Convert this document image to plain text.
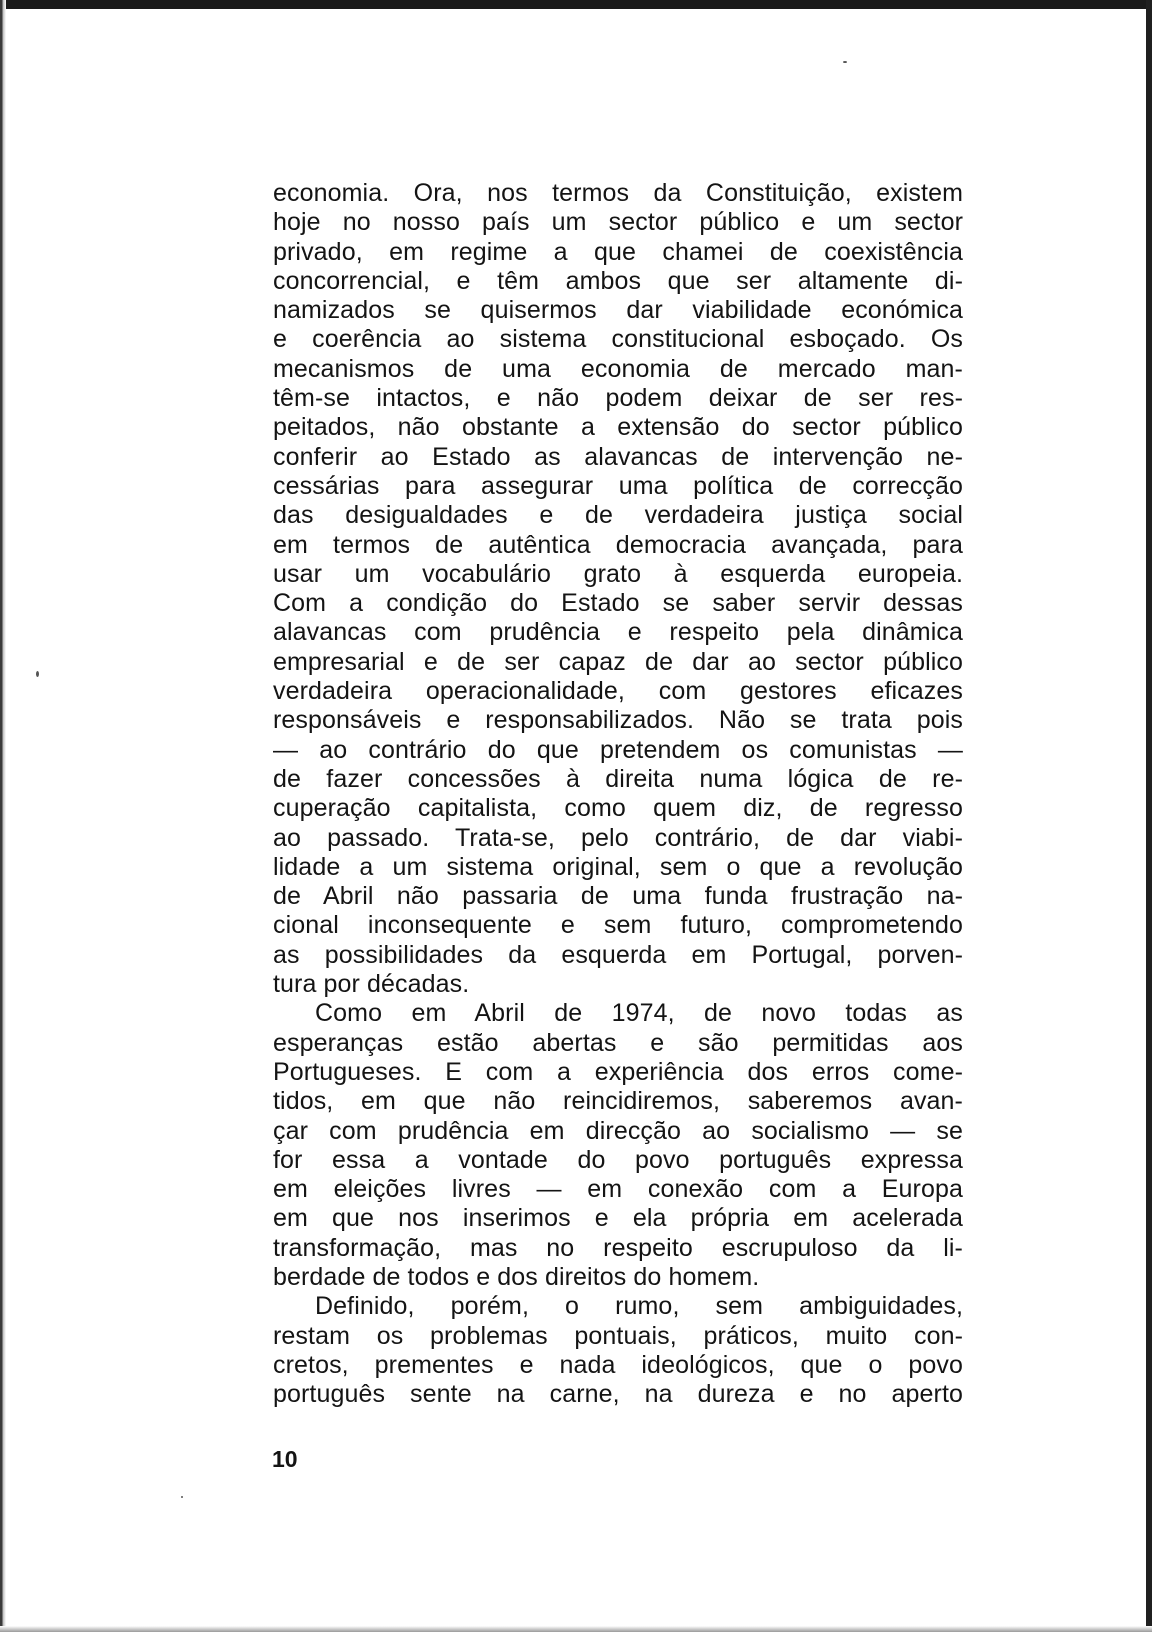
economia. Ora, nos termos da Constituição, existem
hoje no nosso país um sector público e um sector
privado, em regime a que chamei de coexistência
concorrencial, e têm ambos que ser altamente di-
namizados se quisermos dar viabilidade económica
e coerência ao sistema constitucional esboçado. Os
mecanismos de uma economia de mercado man-
têm-se intactos, e não podem deixar de ser res-
peitados, não obstante a extensão do sector público
conferir ao Estado as alavancas de intervenção ne-
cessárias para assegurar uma política de correcção
das desigualdades e de verdadeira justiça social
em termos de autêntica democracia avançada, para
usar um vocabulário grato à esquerda europeia.
Com a condição do Estado se saber servir dessas
alavancas com prudência e respeito pela dinâmica
empresarial e de ser capaz de dar ao sector público
verdadeira operacionalidade, com gestores eficazes
responsáveis e responsabilizados. Não se trata pois
— ao contrário do que pretendem os comunistas —
de fazer concessões à direita numa lógica de re-
cuperação capitalista, como quem diz, de regresso
ao passado. Trata-se, pelo contrário, de dar viabi-
lidade a um sistema original, sem o que a revolução
de Abril não passaria de uma funda frustração na-
cional inconsequente e sem futuro, comprometendo
as possibilidades da esquerda em Portugal, porven-
tura por décadas.
Como em Abril de 1974, de novo todas as
esperanças estão abertas e são permitidas aos
Portugueses. E com a experiência dos erros come-
tidos, em que não reincidiremos, saberemos avan-
çar com prudência em direcção ao socialismo — se
for essa a vontade do povo português expressa
em eleições livres — em conexão com a Europa
em que nos inserimos e ela própria em acelerada
transformação, mas no respeito escrupuloso da li-
berdade de todos e dos direitos do homem.
Definido, porém, o rumo, sem ambiguidades,
restam os problemas pontuais, práticos, muito con-
cretos, prementes e nada ideológicos, que o povo
português sente na carne, na dureza e no aperto
10
